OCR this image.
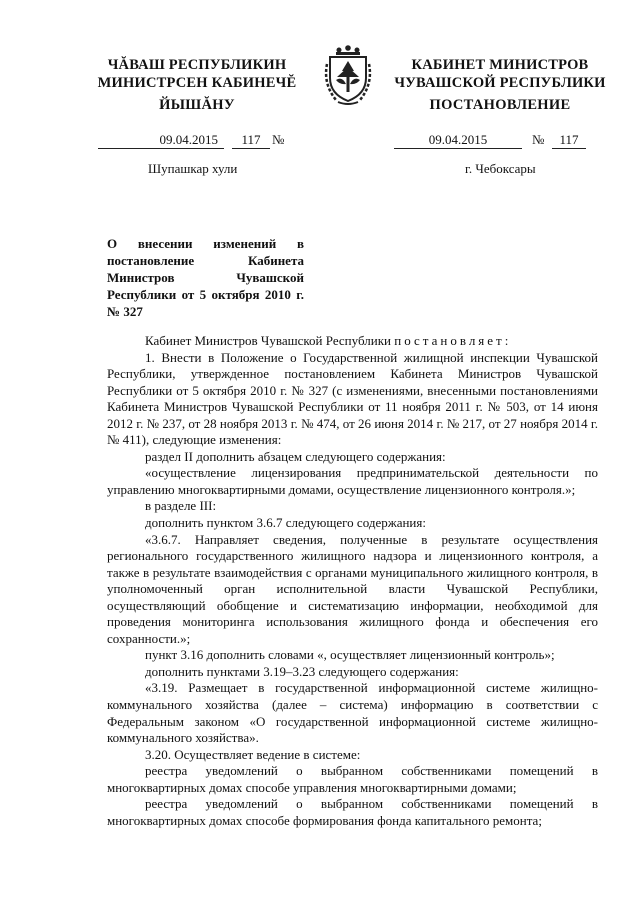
ЧĂВАШ РЕСПУБЛИКИН
МИНИСТРСЕН КАБИНЕЧĔ
ЙЫШĂНУ
КАБИНЕТ МИНИСТРОВ
ЧУВАШСКОЙ РЕСПУБЛИКИ
ПОСТАНОВЛЕНИЕ
09.04.2015	117 №	09.04.2015	№	117
Шупашкар хули	г. Чебоксары
О внесении изменений в постановление Кабинета Министров Чувашской Республики от 5 октября 2010 г. № 327

Кабинет Министров Чувашской Республики постановляет:

1. Внести в Положение о Государственной жилищной инспекции Чувашской Республики, утвержденное постановлением Кабинета Министров Чувашской Республики от 5 октября 2010 г. № 327 (с изменениями, внесенными постановлениями Кабинета Министров Чувашской Республики от 11 ноября 2011 г. № 503, от 14 июня 2012 г. № 237, от 28 ноября 2013 г. № 474, от 26 июня 2014 г. № 217, от 27 ноября 2014 г. № 411), следующие изменения:

раздел II дополнить абзацем следующего содержания:

«осуществление лицензирования предпринимательской деятельности по управлению многоквартирными домами, осуществление лицензионного контроля.»;

в разделе III:

дополнить пунктом 3.6.7 следующего содержания:

«3.6.7. Направляет сведения, полученные в результате осуществления регионального государственного жилищного надзора и лицензионного контроля, а также в результате взаимодействия с органами муниципального жилищного контроля, в уполномоченный орган исполнительной власти Чувашской Республики, осуществляющий обобщение и систематизацию информации, необходимой для проведения мониторинга использования жилищного фонда и обеспечения его сохранности.»;

пункт 3.16 дополнить словами «, осуществляет лицензионный контроль»;

дополнить пунктами 3.19–3.23 следующего содержания:

«3.19. Размещает в государственной информационной системе жилищно-коммунального хозяйства (далее – система) информацию в соответствии с Федеральным законом «О государственной информационной системе жилищно-коммунального хозяйства».

3.20. Осуществляет ведение в системе:

реестра уведомлений о выбранном собственниками помещений в многоквартирных домах способе управления многоквартирными домами;

реестра уведомлений о выбранном собственниками помещений в многоквартирных домах способе формирования фонда капитального ремонта;
